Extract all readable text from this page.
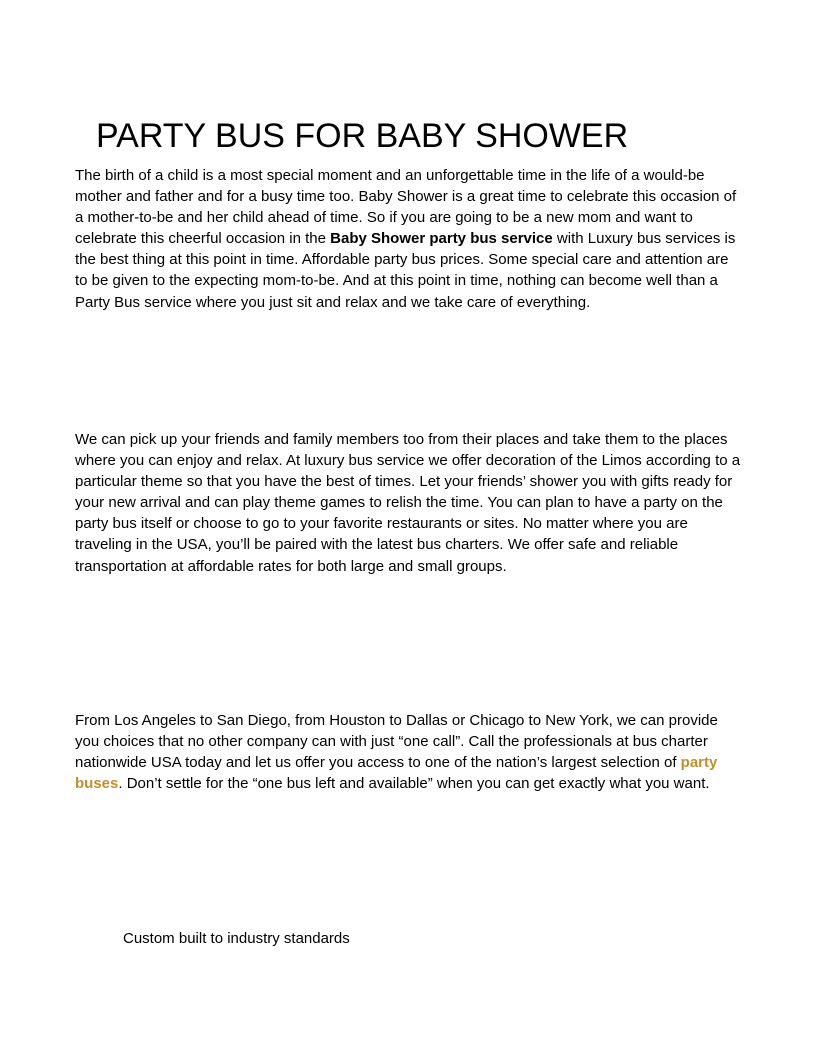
PARTY BUS FOR BABY SHOWER

The birth of a child is a most special moment and an unforgettable time in the life of a would-be mother and father and for a busy time too. Baby Shower is a great time to celebrate this occasion of a mother-to-be and her child ahead of time. So if you are going to be a new mom and want to celebrate this cheerful occasion in the Baby Shower party bus service with Luxury bus services is the best thing at this point in time. Affordable party bus prices. Some special care and attention are to be given to the expecting mom-to-be. And at this point in time, nothing can become well than a Party Bus service where you just sit and relax and we take care of everything.

We can pick up your friends and family members too from their places and take them to the places where you can enjoy and relax. At luxury bus service we offer decoration of the Limos according to a particular theme so that you have the best of times. Let your friends’ shower you with gifts ready for your new arrival and can play theme games to relish the time. You can plan to have a party on the party bus itself or choose to go to your favorite restaurants or sites. No matter where you are traveling in the USA, you’ll be paired with the latest bus charters. We offer safe and reliable transportation at affordable rates for both large and small groups.

From Los Angeles to San Diego, from Houston to Dallas or Chicago to New York, we can provide you choices that no other company can with just “one call”. Call the professionals at bus charter nationwide USA today and let us offer you access to one of the nation’s largest selection of party buses. Don’t settle for the “one bus left and available” when you can get exactly what you want.

Custom built to industry standards
